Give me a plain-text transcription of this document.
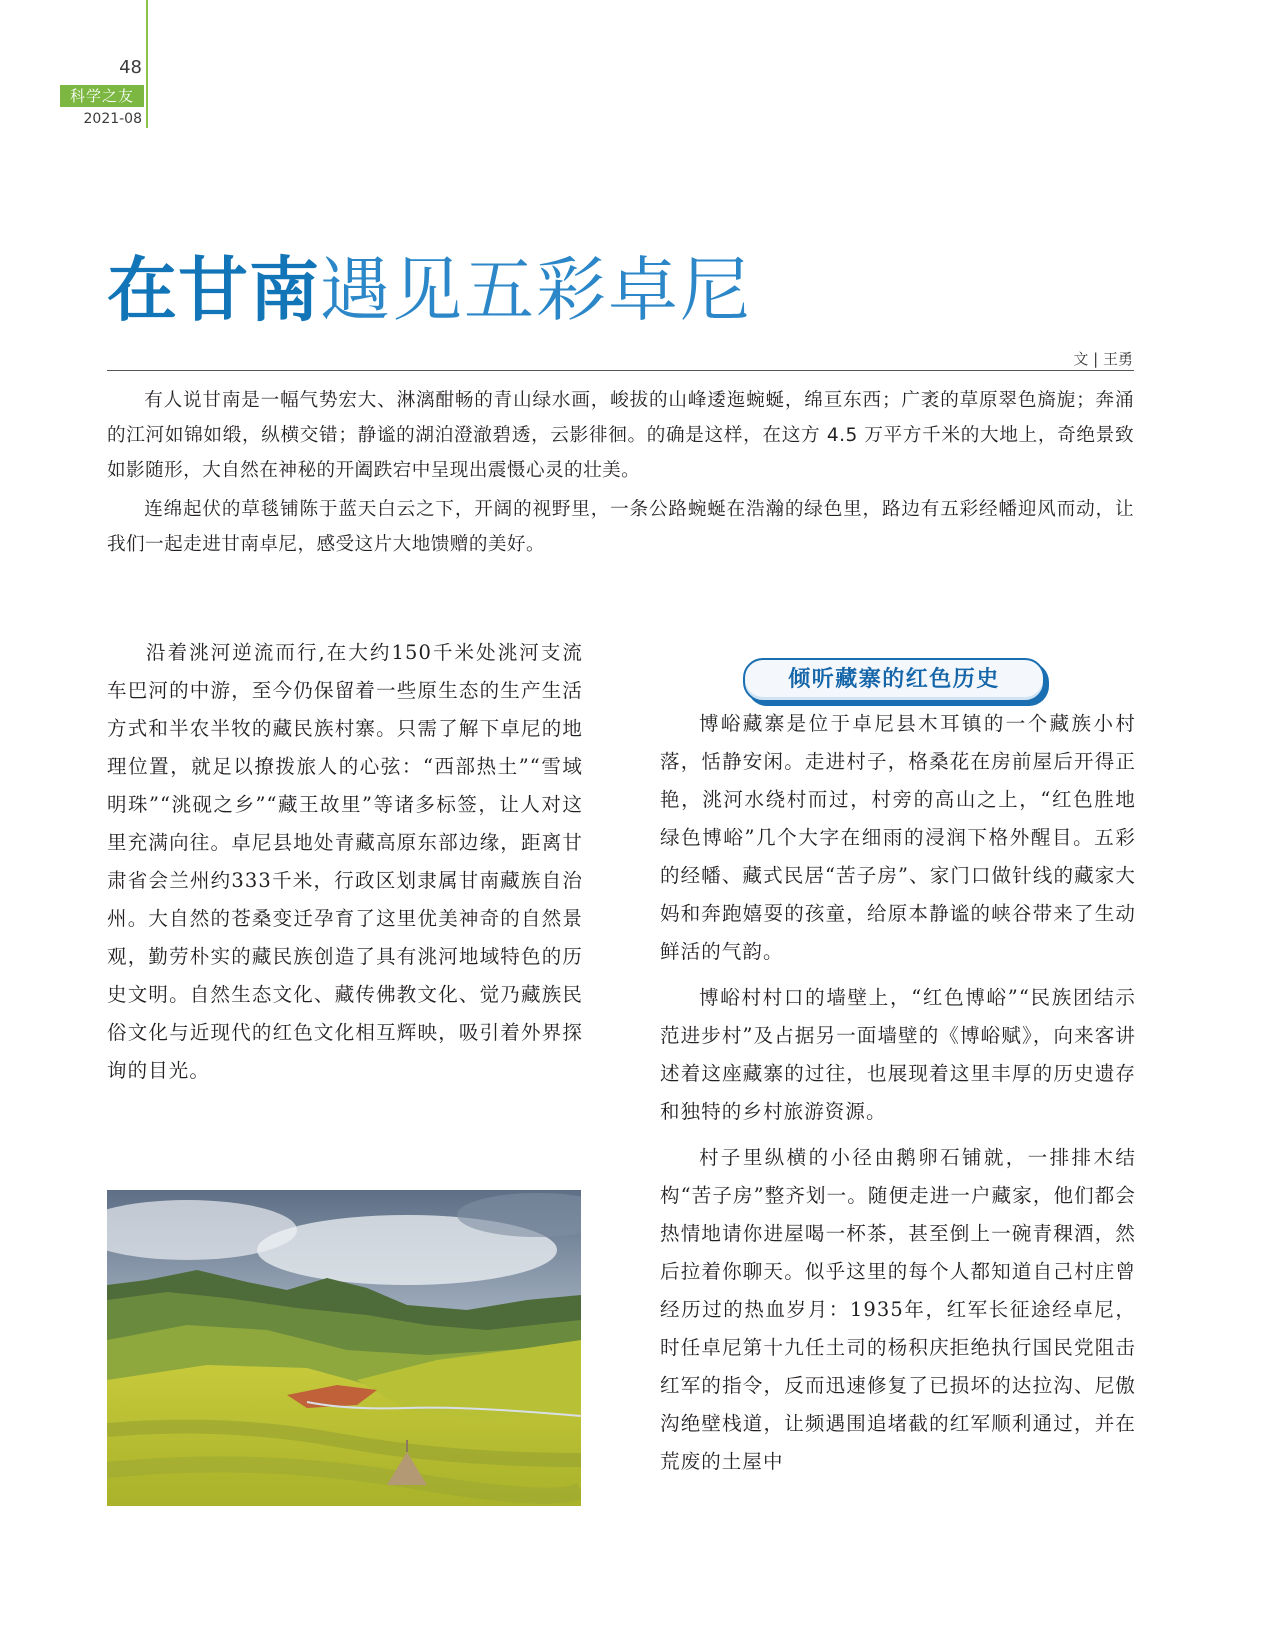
48

科学之友

2021-08

在甘南遇见五彩卓尼

文 | 王勇

有人说甘南是一幅气势宏大、淋漓酣畅的青山绿水画，峻拔的山峰逶迤蜿蜒，绵亘东西；广袤的草原翠色旖旎；奔涌的江河如锦如缎，纵横交错；静谧的湖泊澄澈碧透，云影徘徊。的确是这样，在这方 4.5 万平方千米的大地上，奇绝景致如影随形，大自然在神秘的开阖跌宕中呈现出震慑心灵的壮美。

连绵起伏的草毯铺陈于蓝天白云之下，开阔的视野里，一条公路蜿蜒在浩瀚的绿色里，路边有五彩经幡迎风而动，让我们一起走进甘南卓尼，感受这片大地馈赠的美好。

沿着洮河逆流而行,在大约150千米处洮河支流车巴河的中游，至今仍保留着一些原生态的生产生活方式和半农半牧的藏民族村寨。只需了解下卓尼的地理位置，就足以撩拨旅人的心弦：“西部热土”“雪域明珠”“洮砚之乡”“藏王故里”等诸多标签，让人对这里充满向往。卓尼县地处青藏高原东部边缘，距离甘肃省会兰州约333千米，行政区划隶属甘南藏族自治州。大自然的苍桑变迁孕育了这里优美神奇的自然景观，勤劳朴实的藏民族创造了具有洮河地域特色的历史文明。自然生态文化、藏传佛教文化、觉乃藏族民俗文化与近现代的红色文化相互辉映，吸引着外界探询的目光。

倾听藏寨的红色历史

博峪藏寨是位于卓尼县木耳镇的一个藏族小村落，恬静安闲。走进村子，格桑花在房前屋后开得正艳，洮河水绕村而过，村旁的高山之上，“红色胜地　绿色博峪”几个大字在细雨的浸润下格外醒目。五彩的经幡、藏式民居“苦子房”、家门口做针线的藏家大妈和奔跑嬉耍的孩童，给原本静谧的峡谷带来了生动鲜活的气韵。

博峪村村口的墙壁上，“红色博峪”“民族团结示范进步村”及占据另一面墙壁的《博峪赋》，向来客讲述着这座藏寨的过往，也展现着这里丰厚的历史遗存和独特的乡村旅游资源。

村子里纵横的小径由鹅卵石铺就，一排排木结构“苦子房”整齐划一。随便走进一户藏家，他们都会热情地请你进屋喝一杯茶，甚至倒上一碗青稞酒，然后拉着你聊天。似乎这里的每个人都知道自己村庄曾经历过的热血岁月：1935年，红军长征途经卓尼，时任卓尼第十九任土司的杨积庆拒绝执行国民党阻击红军的指令，反而迅速修复了已损坏的达拉沟、尼傲沟绝壁栈道，让频遇围追堵截的红军顺利通过，并在荒废的土屋中
